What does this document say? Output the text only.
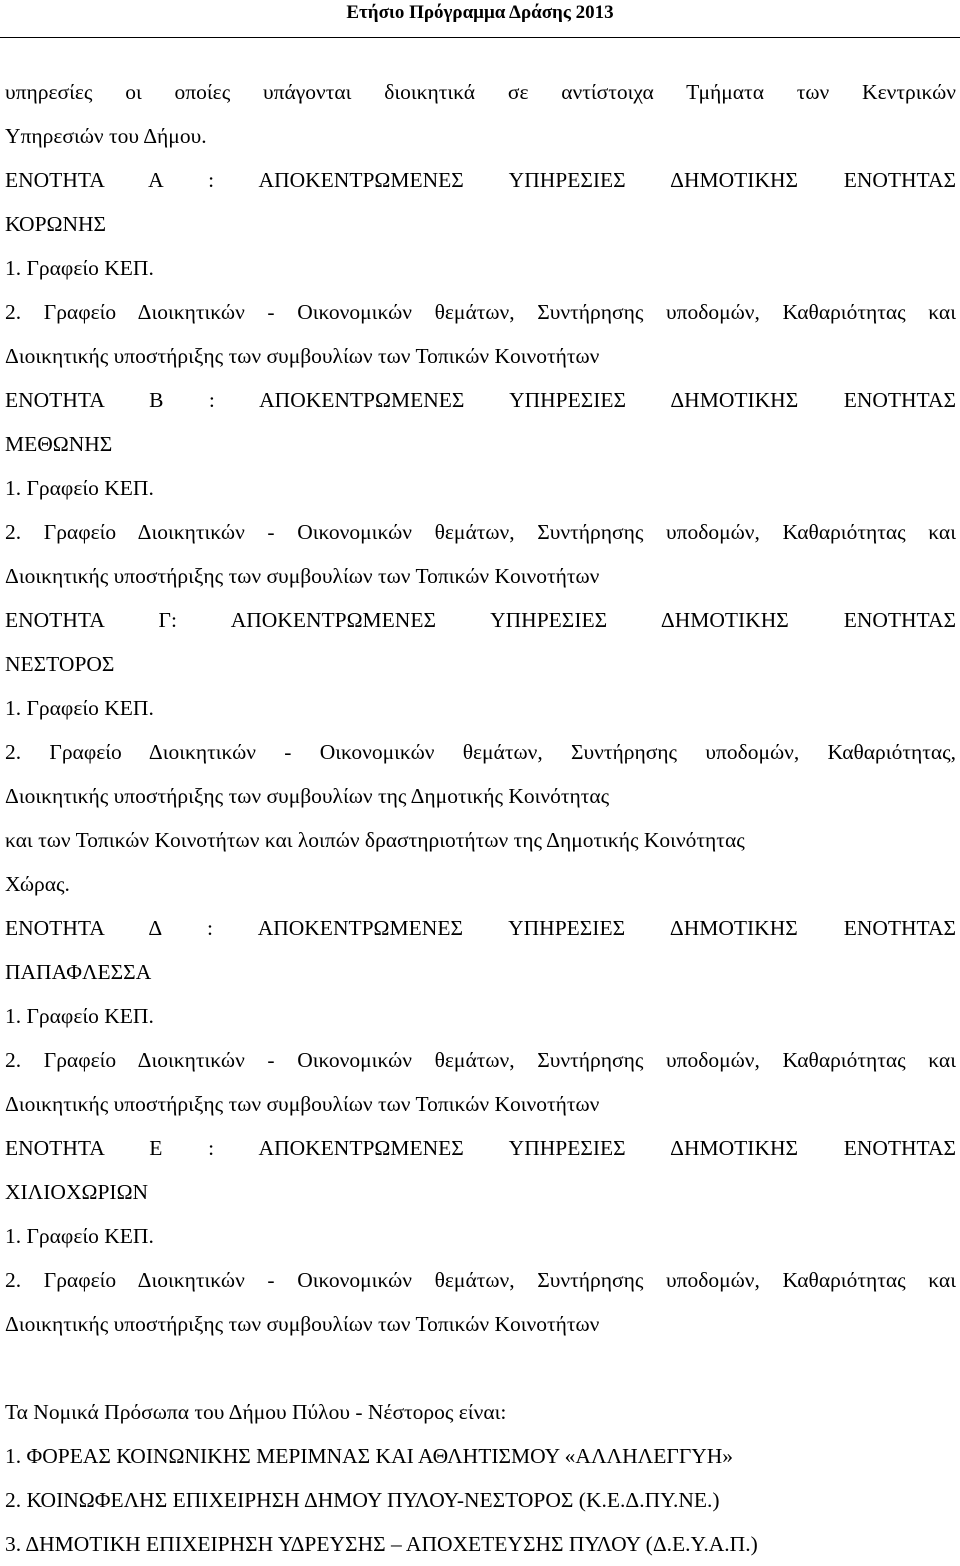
Ετήσιο Πρόγραμμα Δράσης 2013
υπηρεσίες οι οποίες υπάγονται διοικητικά σε αντίστοιχα Τμήματα των Κεντρικών
Υπηρεσιών του Δήμου.
ΕΝΟΤΗΤΑ Α : ΑΠΟΚΕΝΤΡΩΜΕΝΕΣ ΥΠΗΡΕΣΙΕΣ ΔΗΜΟΤΙΚΗΣ ΕΝΟΤΗΤΑΣ
ΚΟΡΩΝΗΣ
1. Γραφείο ΚΕΠ.
2. Γραφείο Διοικητικών - Οικονομικών θεμάτων, Συντήρησης υποδομών, Καθαριότητας και
Διοικητικής υποστήριξης των συμβουλίων των Τοπικών Κοινοτήτων
ΕΝΟΤΗΤΑ Β : ΑΠΟΚΕΝΤΡΩΜΕΝΕΣ ΥΠΗΡΕΣΙΕΣ ΔΗΜΟΤΙΚΗΣ ΕΝΟΤΗΤΑΣ
ΜΕΘΩΝΗΣ
1. Γραφείο ΚΕΠ.
2. Γραφείο Διοικητικών - Οικονομικών θεμάτων, Συντήρησης υποδομών, Καθαριότητας και
Διοικητικής υποστήριξης των συμβουλίων των Τοπικών Κοινοτήτων
ΕΝΟΤΗΤΑ Γ: ΑΠΟΚΕΝΤΡΩΜΕΝΕΣ ΥΠΗΡΕΣΙΕΣ ΔΗΜΟΤΙΚΗΣ ΕΝΟΤΗΤΑΣ
ΝΕΣΤΟΡΟΣ
1. Γραφείο ΚΕΠ.
2. Γραφείο Διοικητικών - Οικονομικών θεμάτων, Συντήρησης υποδομών, Καθαριότητας,
Διοικητικής υποστήριξης των συμβουλίων της Δημοτικής Κοινότητας
και των Τοπικών Κοινοτήτων και λοιπών δραστηριοτήτων της Δημοτικής Κοινότητας
Χώρας.
ΕΝΟΤΗΤΑ Δ : ΑΠΟΚΕΝΤΡΩΜΕΝΕΣ ΥΠΗΡΕΣΙΕΣ ΔΗΜΟΤΙΚΗΣ ΕΝΟΤΗΤΑΣ
ΠΑΠΑΦΛΕΣΣΑ
1. Γραφείο ΚΕΠ.
2. Γραφείο Διοικητικών - Οικονομικών θεμάτων, Συντήρησης υποδομών, Καθαριότητας και
Διοικητικής υποστήριξης των συμβουλίων των Τοπικών Κοινοτήτων
ΕΝΟΤΗΤΑ Ε : ΑΠΟΚΕΝΤΡΩΜΕΝΕΣ ΥΠΗΡΕΣΙΕΣ ΔΗΜΟΤΙΚΗΣ ΕΝΟΤΗΤΑΣ
ΧΙΛΙΟΧΩΡΙΩΝ
1. Γραφείο ΚΕΠ.
2. Γραφείο Διοικητικών - Οικονομικών θεμάτων, Συντήρησης υποδομών, Καθαριότητας και
Διοικητικής υποστήριξης των συμβουλίων των Τοπικών Κοινοτήτων
Τα Νομικά Πρόσωπα του Δήμου Πύλου - Νέστορος είναι:
1. ΦΟΡΕΑΣ ΚΟΙΝΩΝΙΚΗΣ ΜΕΡΙΜΝΑΣ ΚΑΙ ΑΘΛΗΤΙΣΜΟΥ «ΑΛΛΗΛΕΓΓΥΗ»
2. ΚΟΙΝΩΦΕΛΗΣ ΕΠΙΧΕΙΡΗΣΗ ΔΗΜΟΥ ΠΥΛΟΥ-ΝΕΣΤΟΡΟΣ (Κ.Ε.Δ.ΠΥ.ΝΕ.)
3. ΔΗΜΟΤΙΚΗ ΕΠΙΧΕΙΡΗΣΗ ΥΔΡΕΥΣΗΣ – ΑΠΟΧΕΤΕΥΣΗΣ ΠΥΛΟΥ (Δ.Ε.Υ.Α.Π.)
